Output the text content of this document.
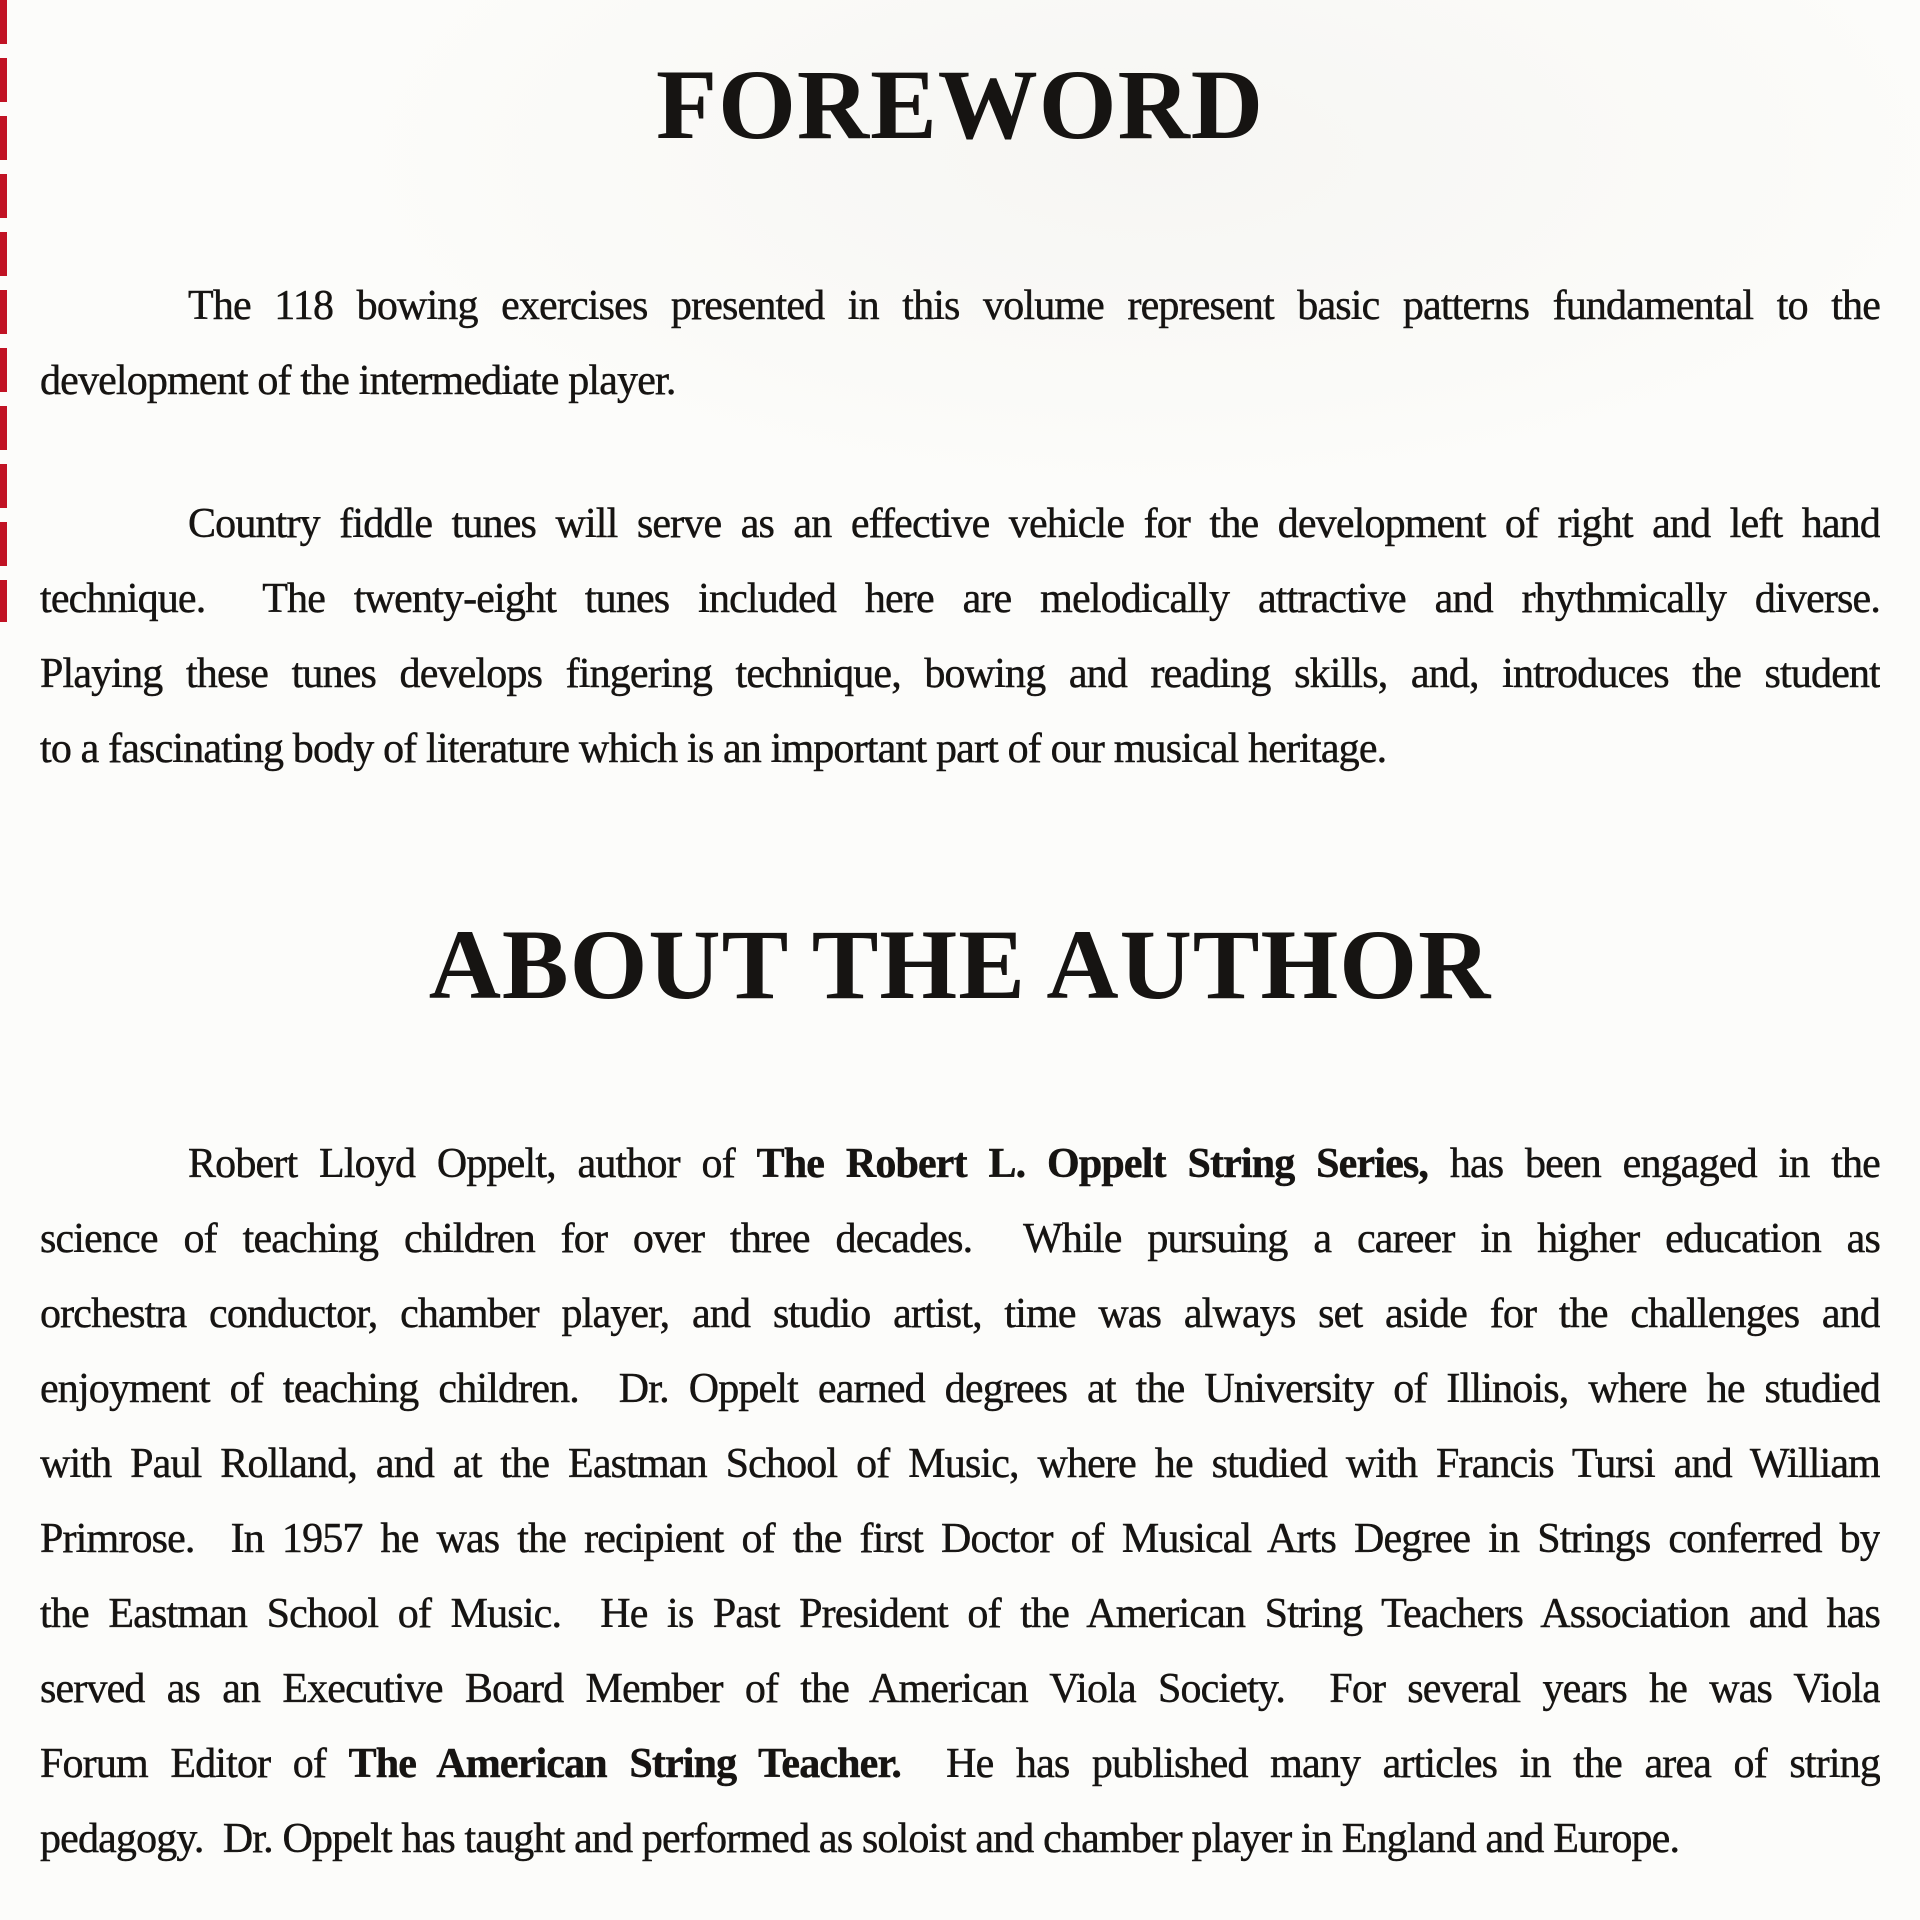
FOREWORD
The 118 bowing exercises presented in this volume represent basic patterns fundamental to the
development of the intermediate player.
Country fiddle tunes will serve as an effective vehicle for the development of right and left hand
technique.  The twenty-eight tunes included here are melodically attractive and rhythmically diverse.
Playing these tunes develops fingering technique, bowing and reading skills, and, introduces the student
to a fascinating body of literature which is an important part of our musical heritage.
ABOUT THE AUTHOR
Robert Lloyd Oppelt, author of The Robert L. Oppelt String Series, has been engaged in the
science of teaching children for over three decades.  While pursuing a career in higher education as
orchestra conductor, chamber player, and studio artist, time was always set aside for the challenges and
enjoyment of teaching children.  Dr. Oppelt earned degrees at the University of Illinois, where he studied
with Paul Rolland, and at the Eastman School of Music, where he studied with Francis Tursi and William
Primrose.  In 1957 he was the recipient of the first Doctor of Musical Arts Degree in Strings conferred by
the Eastman School of Music.  He is Past President of the American String Teachers Association and has
served as an Executive Board Member of the American Viola Society.  For several years he was Viola
Forum Editor of The American String Teacher.  He has published many articles in the area of string
pedagogy.  Dr. Oppelt has taught and performed as soloist and chamber player in England and Europe.
